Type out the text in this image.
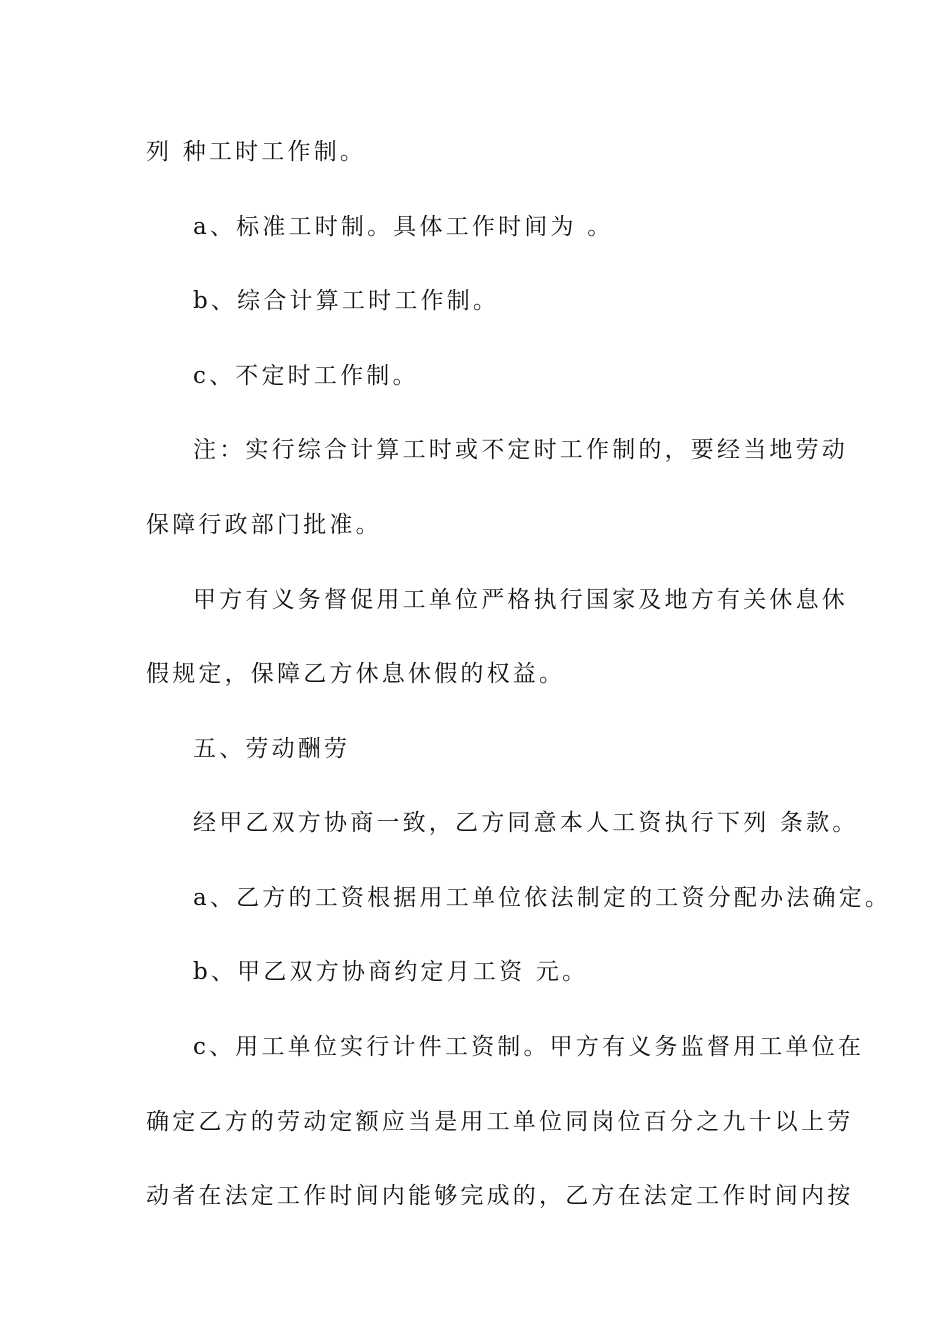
列 种工时工作制。
a、标准工时制。具体工作时间为 。
b、综合计算工时工作制。
c、不定时工作制。
注：实行综合计算工时或不定时工作制的，要经当地劳动
保障行政部门批准。
甲方有义务督促用工单位严格执行国家及地方有关休息休
假规定，保障乙方休息休假的权益。
五、劳动酬劳
经甲乙双方协商一致，乙方同意本人工资执行下列 条款。
a、乙方的工资根据用工单位依法制定的工资分配办法确定。
b、甲乙双方协商约定月工资 元。
c、用工单位实行计件工资制。甲方有义务监督用工单位在
确定乙方的劳动定额应当是用工单位同岗位百分之九十以上劳
动者在法定工作时间内能够完成的，乙方在法定工作时间内按
